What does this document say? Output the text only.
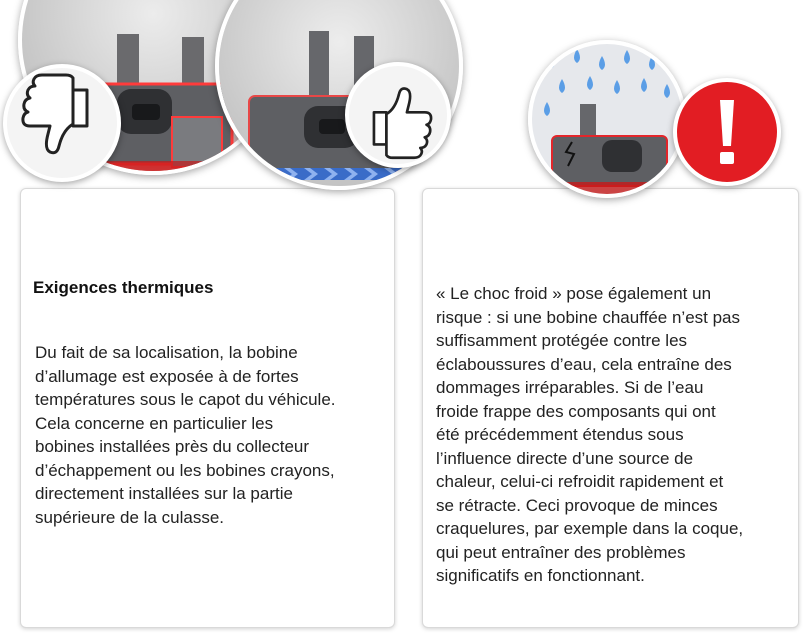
Exigences thermiques

Du fait de sa localisation, la bobine
d’allumage est exposée à de fortes
températures sous le capot du véhicule.
Cela concerne en particulier les
bobines installées près du collecteur
d’échappement ou les bobines crayons,
directement installées sur la partie
supérieure de la culasse.

« Le choc froid » pose également un
risque : si une bobine chauffée n’est pas
suffisamment protégée contre les
éclaboussures d’eau, cela entraîne des
dommages irréparables. Si de l’eau
froide frappe des composants qui ont
été précédemment étendus sous
l’influence directe d’une source de
chaleur, celui-ci refroidit rapidement et
se rétracte. Ceci provoque de minces
craquelures, par exemple dans la coque,
qui peut entraîner des problèmes
significatifs en fonctionnant.
